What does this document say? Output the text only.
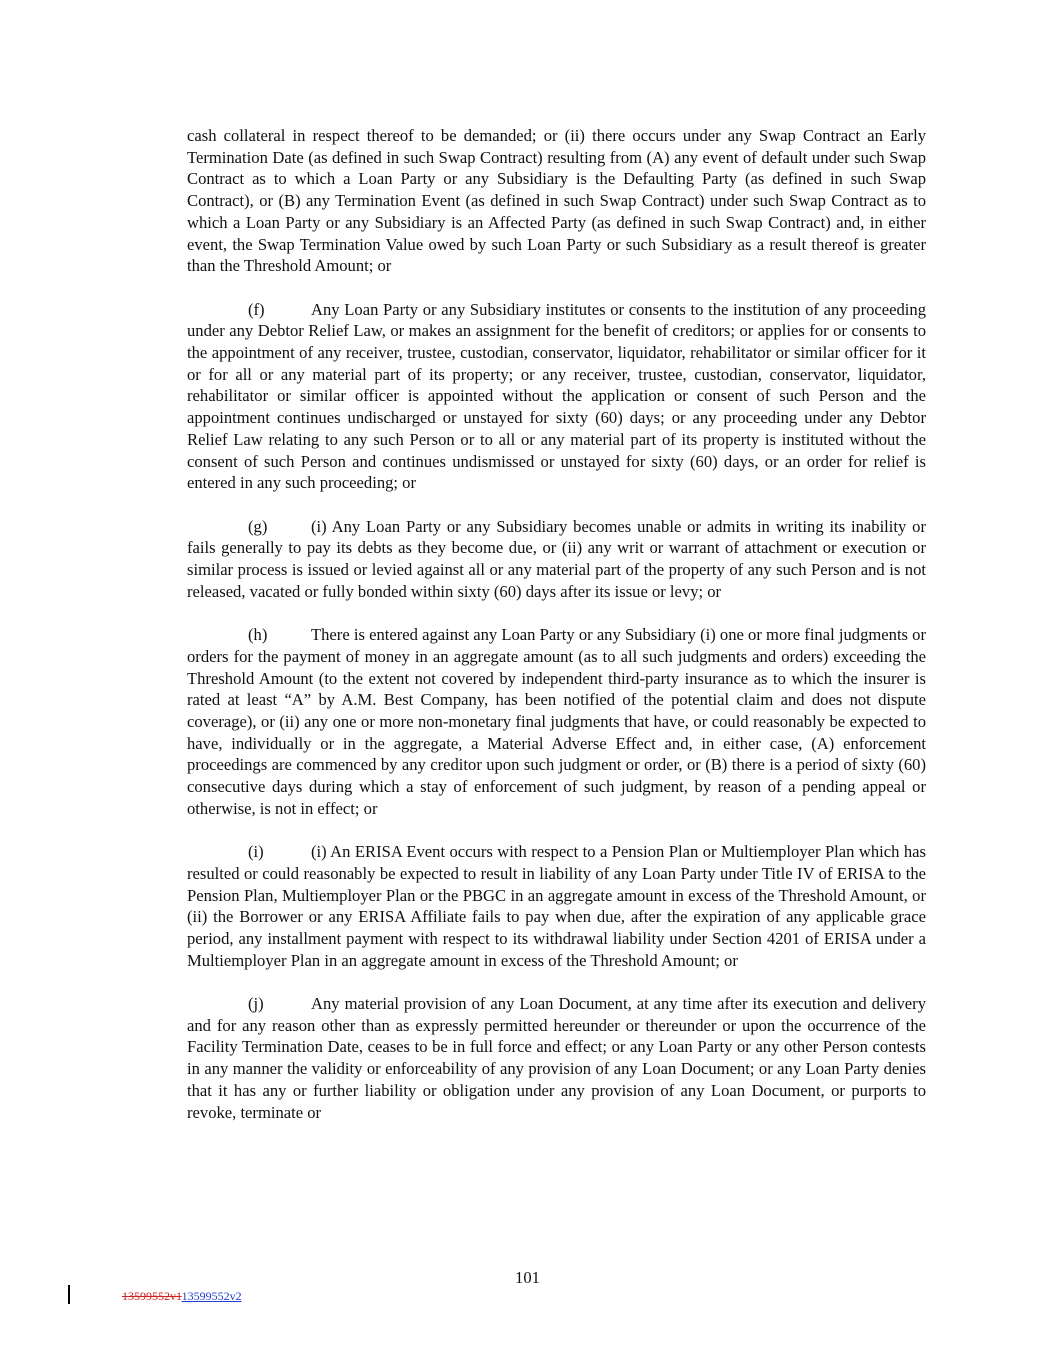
cash collateral in respect thereof to be demanded; or (ii) there occurs under any Swap Contract an Early Termination Date (as defined in such Swap Contract) resulting from (A) any event of default under such Swap Contract as to which a Loan Party or any Subsidiary is the Defaulting Party (as defined in such Swap Contract), or (B) any Termination Event (as defined in such Swap Contract) under such Swap Contract as to which a Loan Party or any Subsidiary is an Affected Party (as defined in such Swap Contract) and, in either event, the Swap Termination Value owed by such Loan Party or such Subsidiary as a result thereof is greater than the Threshold Amount; or

(f)	Any Loan Party or any Subsidiary institutes or consents to the institution of any proceeding under any Debtor Relief Law, or makes an assignment for the benefit of creditors; or applies for or consents to the appointment of any receiver, trustee, custodian, conservator, liquidator, rehabilitator or similar officer for it or for all or any material part of its property; or any receiver, trustee, custodian, conservator, liquidator, rehabilitator or similar officer is appointed without the application or consent of such Person and the appointment continues undischarged or unstayed for sixty (60) days; or any proceeding under any Debtor Relief Law relating to any such Person or to all or any material part of its property is instituted without the consent of such Person and continues undismissed or unstayed for sixty (60) days, or an order for relief is entered in any such proceeding; or

(g)	(i) Any Loan Party or any Subsidiary becomes unable or admits in writing its inability or fails generally to pay its debts as they become due, or (ii) any writ or warrant of attachment or execution or similar process is issued or levied against all or any material part of the property of any such Person and is not released, vacated or fully bonded within sixty (60) days after its issue or levy; or

(h)	There is entered against any Loan Party or any Subsidiary (i) one or more final judgments or orders for the payment of money in an aggregate amount (as to all such judgments and orders) exceeding the Threshold Amount (to the extent not covered by independent third-party insurance as to which the insurer is rated at least “A” by A.M. Best Company, has been notified of the potential claim and does not dispute coverage), or (ii) any one or more non-monetary final judgments that have, or could reasonably be expected to have, individually or in the aggregate, a Material Adverse Effect and, in either case, (A) enforcement proceedings are commenced by any creditor upon such judgment or order, or (B) there is a period of sixty (60) consecutive days during which a stay of enforcement of such judgment, by reason of a pending appeal or otherwise, is not in effect; or

(i)	(i) An ERISA Event occurs with respect to a Pension Plan or Multiemployer Plan which has resulted or could reasonably be expected to result in liability of any Loan Party under Title IV of ERISA to the Pension Plan, Multiemployer Plan or the PBGC in an aggregate amount in excess of the Threshold Amount, or (ii) the Borrower or any ERISA Affiliate fails to pay when due, after the expiration of any applicable grace period, any installment payment with respect to its withdrawal liability under Section 4201 of ERISA under a Multiemployer Plan in an aggregate amount in excess of the Threshold Amount; or

(j)	Any material provision of any Loan Document, at any time after its execution and delivery and for any reason other than as expressly permitted hereunder or thereunder or upon the occurrence of the Facility Termination Date, ceases to be in full force and effect; or any Loan Party or any other Person contests in any manner the validity or enforceability of any provision of any Loan Document; or any Loan Party denies that it has any or further liability or obligation under any provision of any Loan Document, or purports to revoke, terminate or

101
13599552v113599552v2
